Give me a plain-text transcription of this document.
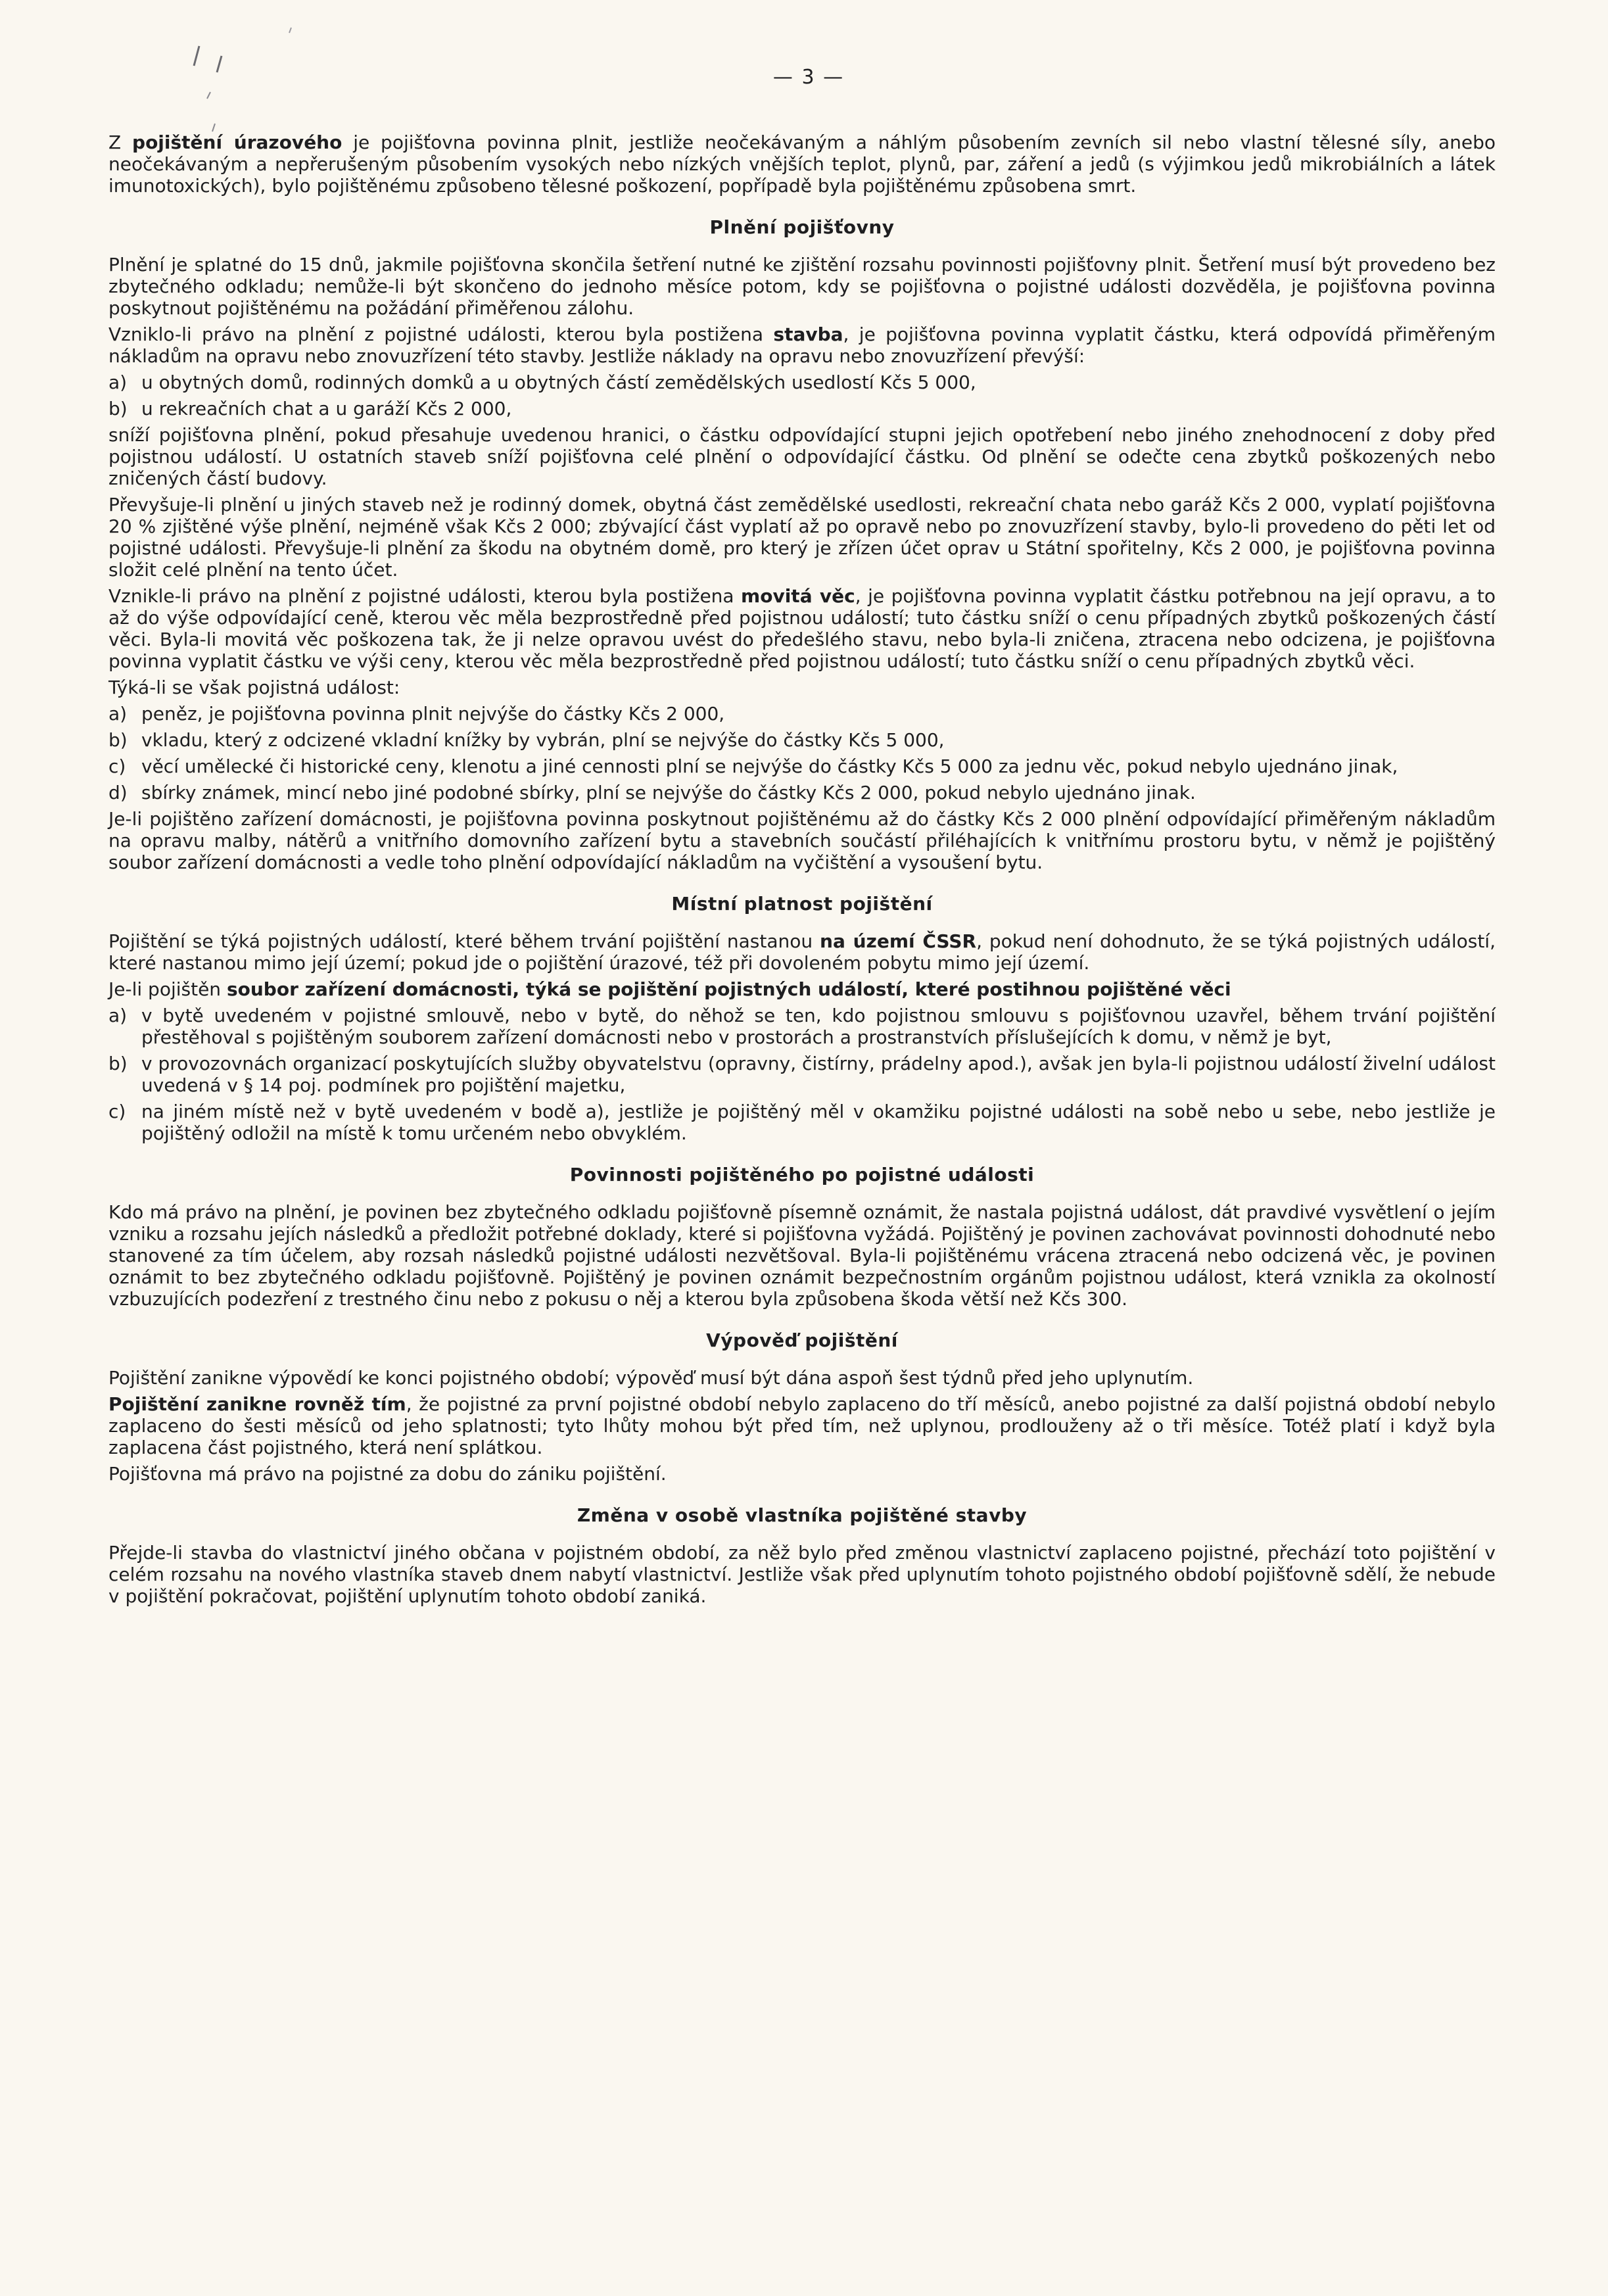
— 3 —

Z pojištění úrazového je pojišťovna povinna plnit, jestliže neočekávaným a náhlým působením zevních sil nebo vlastní tělesné síly, anebo neočekávaným a nepřerušeným působením vysokých nebo nízkých vnějších teplot, plynů, par, záření a jedů (s výjimkou jedů mikrobiálních a látek imunotoxických), bylo pojištěnému způsobeno tělesné poškození, popřípadě byla pojištěnému způsobena smrt.

Plnění pojišťovny

Plnění je splatné do 15 dnů, jakmile pojišťovna skončila šetření nutné ke zjištění rozsahu povinnosti pojišťovny plnit. Šetření musí být provedeno bez zbytečného odkladu; nemůže-li být skončeno do jednoho měsíce potom, kdy se pojišťovna o pojistné události dozvěděla, je pojišťovna povinna poskytnout pojištěnému na požádání přiměřenou zálohu.

Vzniklo-li právo na plnění z pojistné události, kterou byla postižena stavba, je pojišťovna povinna vyplatit částku, která odpovídá přiměřeným nákladům na opravu nebo znovuzřízení této stavby. Jestliže náklady na opravu nebo znovuzřízení převýší:

a) u obytných domů, rodinných domků a u obytných částí zemědělských usedlostí Kčs 5 000,
b) u rekreačních chat a u garáží Kčs 2 000,

sníží pojišťovna plnění, pokud přesahuje uvedenou hranici, o částku odpovídající stupni jejich opotřebení nebo jiného znehodnocení z doby před pojistnou událostí. U ostatních staveb sníží pojišťovna celé plnění o odpovídající částku. Od plnění se odečte cena zbytků poškozených nebo zničených částí budovy.

Převyšuje-li plnění u jiných staveb než je rodinný domek, obytná část zemědělské usedlosti, rekreační chata nebo garáž Kčs 2 000, vyplatí pojišťovna 20 % zjištěné výše plnění, nejméně však Kčs 2 000; zbývající část vyplatí až po opravě nebo po znovuzřízení stavby, bylo-li provedeno do pěti let od pojistné události. Převyšuje-li plnění za škodu na obytném domě, pro který je zřízen účet oprav u Státní spořitelny, Kčs 2 000, je pojišťovna povinna složit celé plnění na tento účet.

Vznikle-li právo na plnění z pojistné události, kterou byla postižena movitá věc, je pojišťovna povinna vyplatit částku potřebnou na její opravu, a to až do výše odpovídající ceně, kterou věc měla bezprostředně před pojistnou událostí; tuto částku sníží o cenu případných zbytků poškozených částí věci. Byla-li movitá věc poškozena tak, že ji nelze opravou uvést do předešlého stavu, nebo byla-li zničena, ztracena nebo odcizena, je pojišťovna povinna vyplatit částku ve výši ceny, kterou věc měla bezprostředně před pojistnou událostí; tuto částku sníží o cenu případných zbytků věci.

Týká-li se však pojistná událost:

a) peněz, je pojišťovna povinna plnit nejvýše do částky Kčs 2 000,
b) vkladu, který z odcizené vkladní knížky by vybrán, plní se nejvýše do částky Kčs 5 000,
c) věcí umělecké či historické ceny, klenotu a jiné cennosti plní se nejvýše do částky Kčs 5 000 za jednu věc, pokud nebylo ujednáno jinak,
d) sbírky známek, mincí nebo jiné podobné sbírky, plní se nejvýše do částky Kčs 2 000, pokud nebylo ujednáno jinak.

Je-li pojištěno zařízení domácnosti, je pojišťovna povinna poskytnout pojištěnému až do částky Kčs 2 000 plnění odpovídající přiměřeným nákladům na opravu malby, nátěrů a vnitřního domovního zařízení bytu a stavebních součástí přiléhajících k vnitřnímu prostoru bytu, v němž je pojištěný soubor zařízení domácnosti a vedle toho plnění odpovídající nákladům na vyčištění a vysoušení bytu.

Místní platnost pojištění

Pojištění se týká pojistných událostí, které během trvání pojištění nastanou na území ČSSR, pokud není dohodnuto, že se týká pojistných událostí, které nastanou mimo její území; pokud jde o pojištění úrazové, též při dovoleném pobytu mimo její území.

Je-li pojištěn soubor zařízení domácnosti, týká se pojištění pojistných událostí, které postihnou pojištěné věci

a) v bytě uvedeném v pojistné smlouvě, nebo v bytě, do něhož se ten, kdo pojistnou smlouvu s pojišťovnou uzavřel, během trvání pojištění přestěhoval s pojištěným souborem zařízení domácnosti nebo v prostorách a prostranstvích příslušejících k domu, v němž je byt,
b) v provozovnách organizací poskytujících služby obyvatelstvu (opravny, čistírny, prádelny apod.), avšak jen byla-li pojistnou událostí živelní událost uvedená v § 14 poj. podmínek pro pojištění majetku,
c) na jiném místě než v bytě uvedeném v bodě a), jestliže je pojištěný měl v okamžiku pojistné události na sobě nebo u sebe, nebo jestliže je pojištěný odložil na místě k tomu určeném nebo obvyklém.
Povinnosti pojištěného po pojistné události

Kdo má právo na plnění, je povinen bez zbytečného odkladu pojišťovně písemně oznámit, že nastala pojistná událost, dát pravdivé vysvětlení o jejím vzniku a rozsahu jejích následků a předložit potřebné doklady, které si pojišťovna vyžádá. Pojištěný je povinen zachovávat povinnosti dohodnuté nebo stanovené za tím účelem, aby rozsah následků pojistné události nezvětšoval. Byla-li pojištěnému vrácena ztracená nebo odcizená věc, je povinen oznámit to bez zbytečného odkladu pojišťovně. Pojištěný je povinen oznámit bezpečnostním orgánům pojistnou událost, která vznikla za okolností vzbuzujících podezření z trestného činu nebo z pokusu o něj a kterou byla způsobena škoda větší než Kčs 300.

Výpověď pojištění

Pojištění zanikne výpovědí ke konci pojistného období; výpověď musí být dána aspoň šest týdnů před jeho uplynutím.

Pojištění zanikne rovněž tím, že pojistné za první pojistné období nebylo zaplaceno do tří měsíců, anebo pojistné za další pojistná období nebylo zaplaceno do šesti měsíců od jeho splatnosti; tyto lhůty mohou být před tím, než uplynou, prodlouženy až o tři měsíce. Totéž platí i když byla zaplacena část pojistného, která není splátkou.

Pojišťovna má právo na pojistné za dobu do zániku pojištění.

Změna v osobě vlastníka pojištěné stavby

Přejde-li stavba do vlastnictví jiného občana v pojistném období, za něž bylo před změnou vlastnictví zaplaceno pojistné, přechází toto pojištění v celém rozsahu na nového vlastníka staveb dnem nabytí vlastnictví. Jestliže však před uplynutím tohoto pojistného období pojišťovně sdělí, že nebude v pojištění pokračovat, pojištění uplynutím tohoto období zaniká.
